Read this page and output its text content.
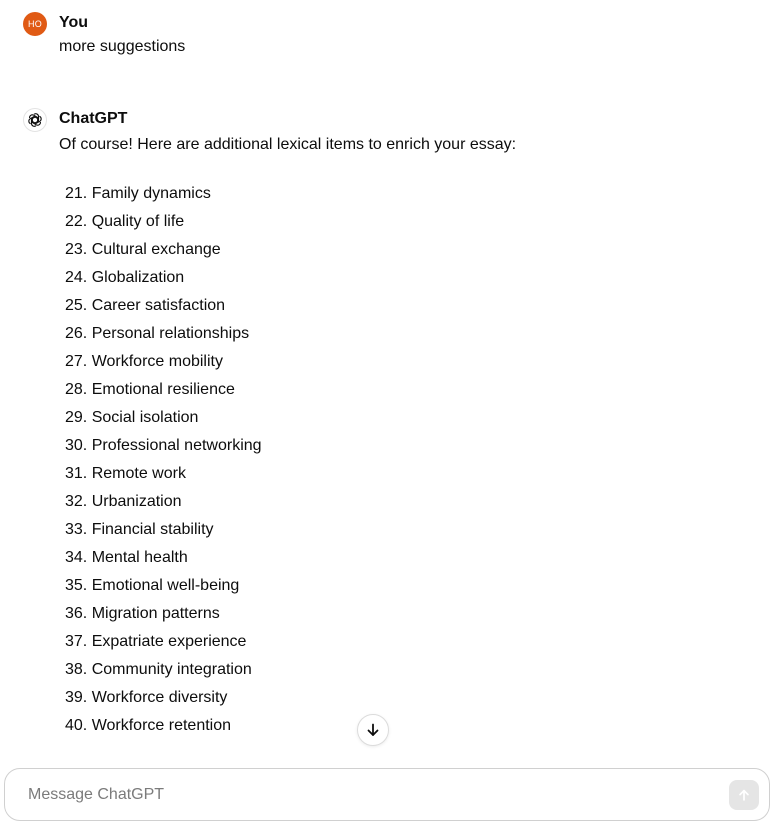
HO	You
more suggestions
ChatGPT
Of course! Here are additional lexical items to enrich your essay:
21. Family dynamics
22. Quality of life
23. Cultural exchange
24. Globalization
25. Career satisfaction
26. Personal relationships
27. Workforce mobility
28. Emotional resilience
29. Social isolation
30. Professional networking
31. Remote work
32. Urbanization
33. Financial stability
34. Mental health
35. Emotional well-being
36. Migration patterns
37. Expatriate experience
38. Community integration
39. Workforce diversity
40. Workforce retention
Message ChatGPT
